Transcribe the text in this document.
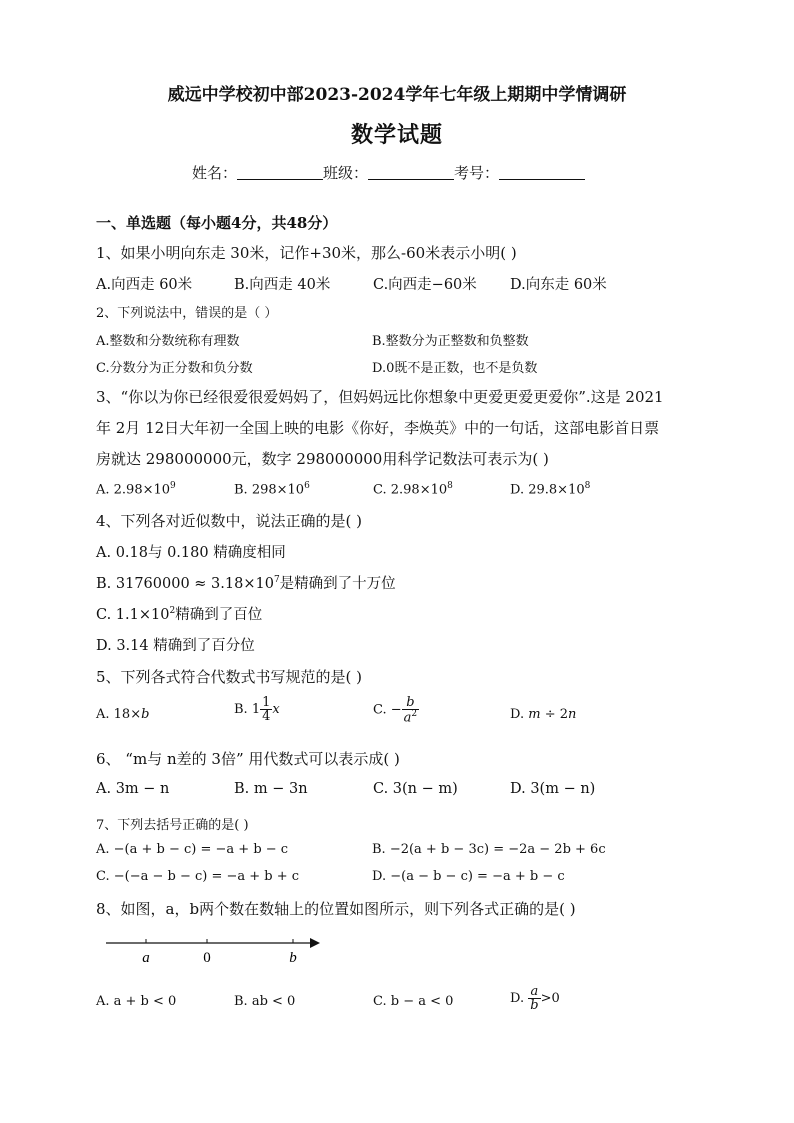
威远中学校初中部2023-2024学年七年级上期期中学情调研
数学试题
姓名：	班级：	考号：
一、单选题（每小题4分，共48分）
1、如果小明向东走 30米，记作+30米，那么-60米表示小明( )
A.向西走 60米	B.向西走 40米	C.向西走−60米 D.向东走 60米
2、下列说法中，错误的是（ ）
A.整数和分数统称有理数	B.整数分为正整数和负整数
C.分数分为正分数和负分数	D.0既不是正数，也不是负数
3、“你以为你已经很爱很爱妈妈了，但妈妈远比你想象中更爱更爱更爱你”.这是 2021
年 2月 12日大年初一全国上映的电影《你好，李焕英》中的一句话，这部电影首日票
房就达 298000000元，数字 298000000用科学记数法可表示为( )
A. $2.98\times 10^9$	B. $298\times 10^6$	C. $2.98\times 10^8$	D. $29.8\times 10^8$
4、下列各对近似数中，说法正确的是( )
A. 0.18与 0.180 精确度相同
B. $31760000 \approx 3.18\times 10^7$是精确到了十万位
C. $1.1\times 10^2$精确到了百位
D. 3.14 精确到了百分位
5、下列各式符合代数式书写规范的是( )
A. 18×b	B. $1 \frac{1}{4}$ x	C. − $\frac{b}{a^2}$	D. m ÷ 2n
6、 “m与 n差的 3倍” 用代数式可以表示成( )
A. 3m − n	B. m − 3n	C. 3(n − m)	D. 3(m − n)
7、下列去括号正确的是( )
A. −(a + b − c) = −a + b − c	B. −2(a + b − 3c) = −2a − 2b + 6c
C. −(−a − b − c) = −a + b + c	D. −(a − b − c) = −a + b − c
8、如图，a，b两个数在数轴上的位置如图所示，则下列各式正确的是( )
a	0	b
A. a + b < 0	B. ab < 0	C. b − a < 0	D. $\frac{a}{b} >0$
